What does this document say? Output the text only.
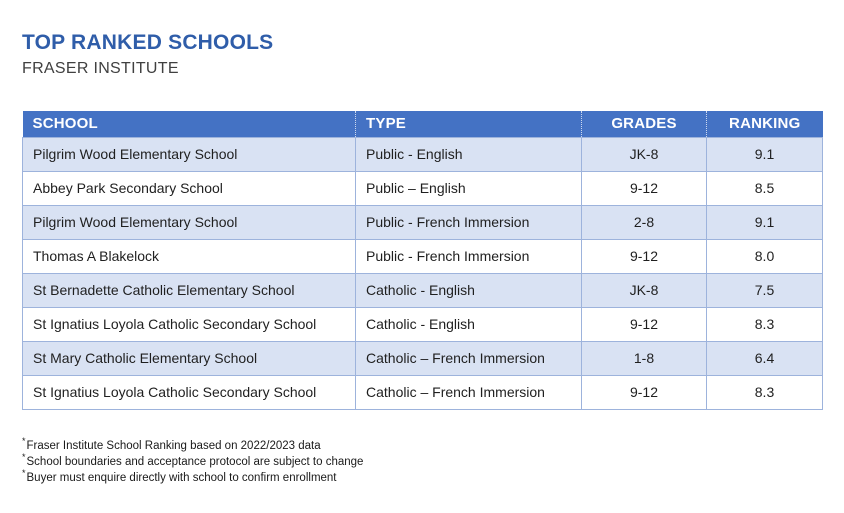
TOP RANKED SCHOOLS
FRASER INSTITUTE
SCHOOL	TYPE	GRADES	RANKING
Pilgrim Wood Elementary School	Public - English	JK-8	9.1
Abbey Park Secondary School	Public – English	9-12	8.5
Pilgrim Wood Elementary School	Public - French Immersion	2-8	9.1
Thomas A Blakelock	Public - French Immersion	9-12	8.0
St Bernadette Catholic Elementary School	Catholic - English	JK-8	7.5
St Ignatius Loyola Catholic Secondary School	Catholic - English	9-12	8.3
St Mary Catholic Elementary School	Catholic – French Immersion	1-8	6.4
St Ignatius Loyola Catholic Secondary School	Catholic – French Immersion	9-12	8.3
*Fraser Institute School Ranking based on 2022/2023 data
*School boundaries and acceptance protocol are subject to change
*Buyer must enquire directly with school to confirm enrollment
